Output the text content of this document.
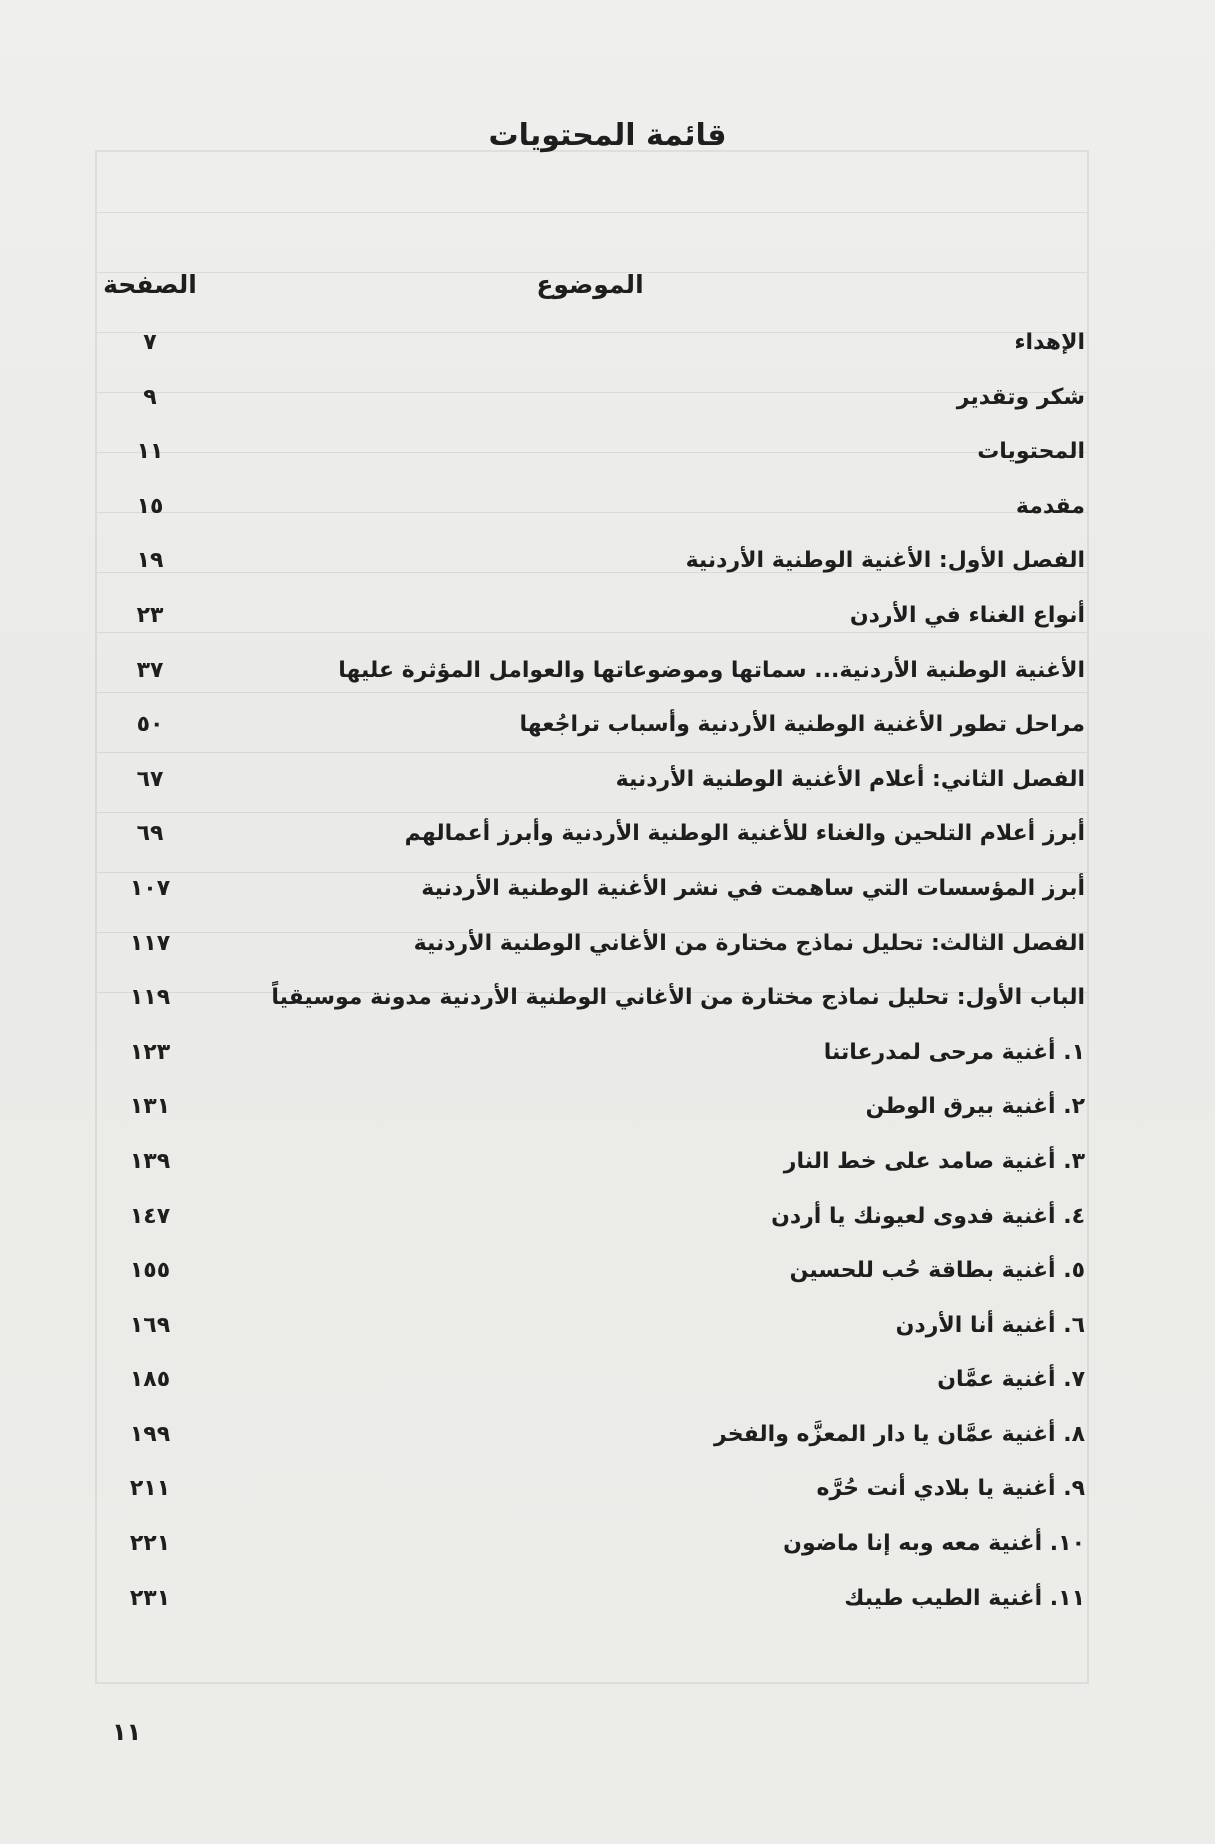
قائمة المحتويات
الموضوع
الصفحة
الإهداء
٧
شكر وتقدير
٩
المحتويات
١١
مقدمة
١٥
الفصل الأول: الأغنية الوطنية الأردنية
١٩
أنواع الغناء في الأردن
٢٣
الأغنية الوطنية الأردنية... سماتها وموضوعاتها والعوامل المؤثرة عليها
٣٧
مراحل تطور الأغنية الوطنية الأردنية وأسباب تراجُعها
٥٠
الفصل الثاني: أعلام الأغنية الوطنية الأردنية
٦٧
أبرز أعلام التلحين والغناء للأغنية الوطنية الأردنية وأبرز أعمالهم
٦٩
أبرز المؤسسات التي ساهمت في نشر الأغنية الوطنية الأردنية
١٠٧
الفصل الثالث: تحليل نماذج مختارة من الأغاني الوطنية الأردنية
١١٧
الباب الأول: تحليل نماذج مختارة من الأغاني الوطنية الأردنية مدونة موسيقياً
١١٩
١. أغنية مرحى لمدرعاتنا
١٢٣
٢. أغنية بيرق الوطن
١٣١
٣. أغنية صامد على خط النار
١٣٩
٤. أغنية فدوى لعيونك يا أردن
١٤٧
٥. أغنية بطاقة حُب للحسين
١٥٥
٦. أغنية أنا الأردن
١٦٩
٧. أغنية عمَّان
١٨٥
٨. أغنية عمَّان يا دار المعزَّه والفخر
١٩٩
٩. أغنية يا بلادي أنت حُرَّه
٢١١
١٠. أغنية معه وبه إنا ماضون
٢٢١
١١. أغنية الطيب طيبك
٢٣١
١١
